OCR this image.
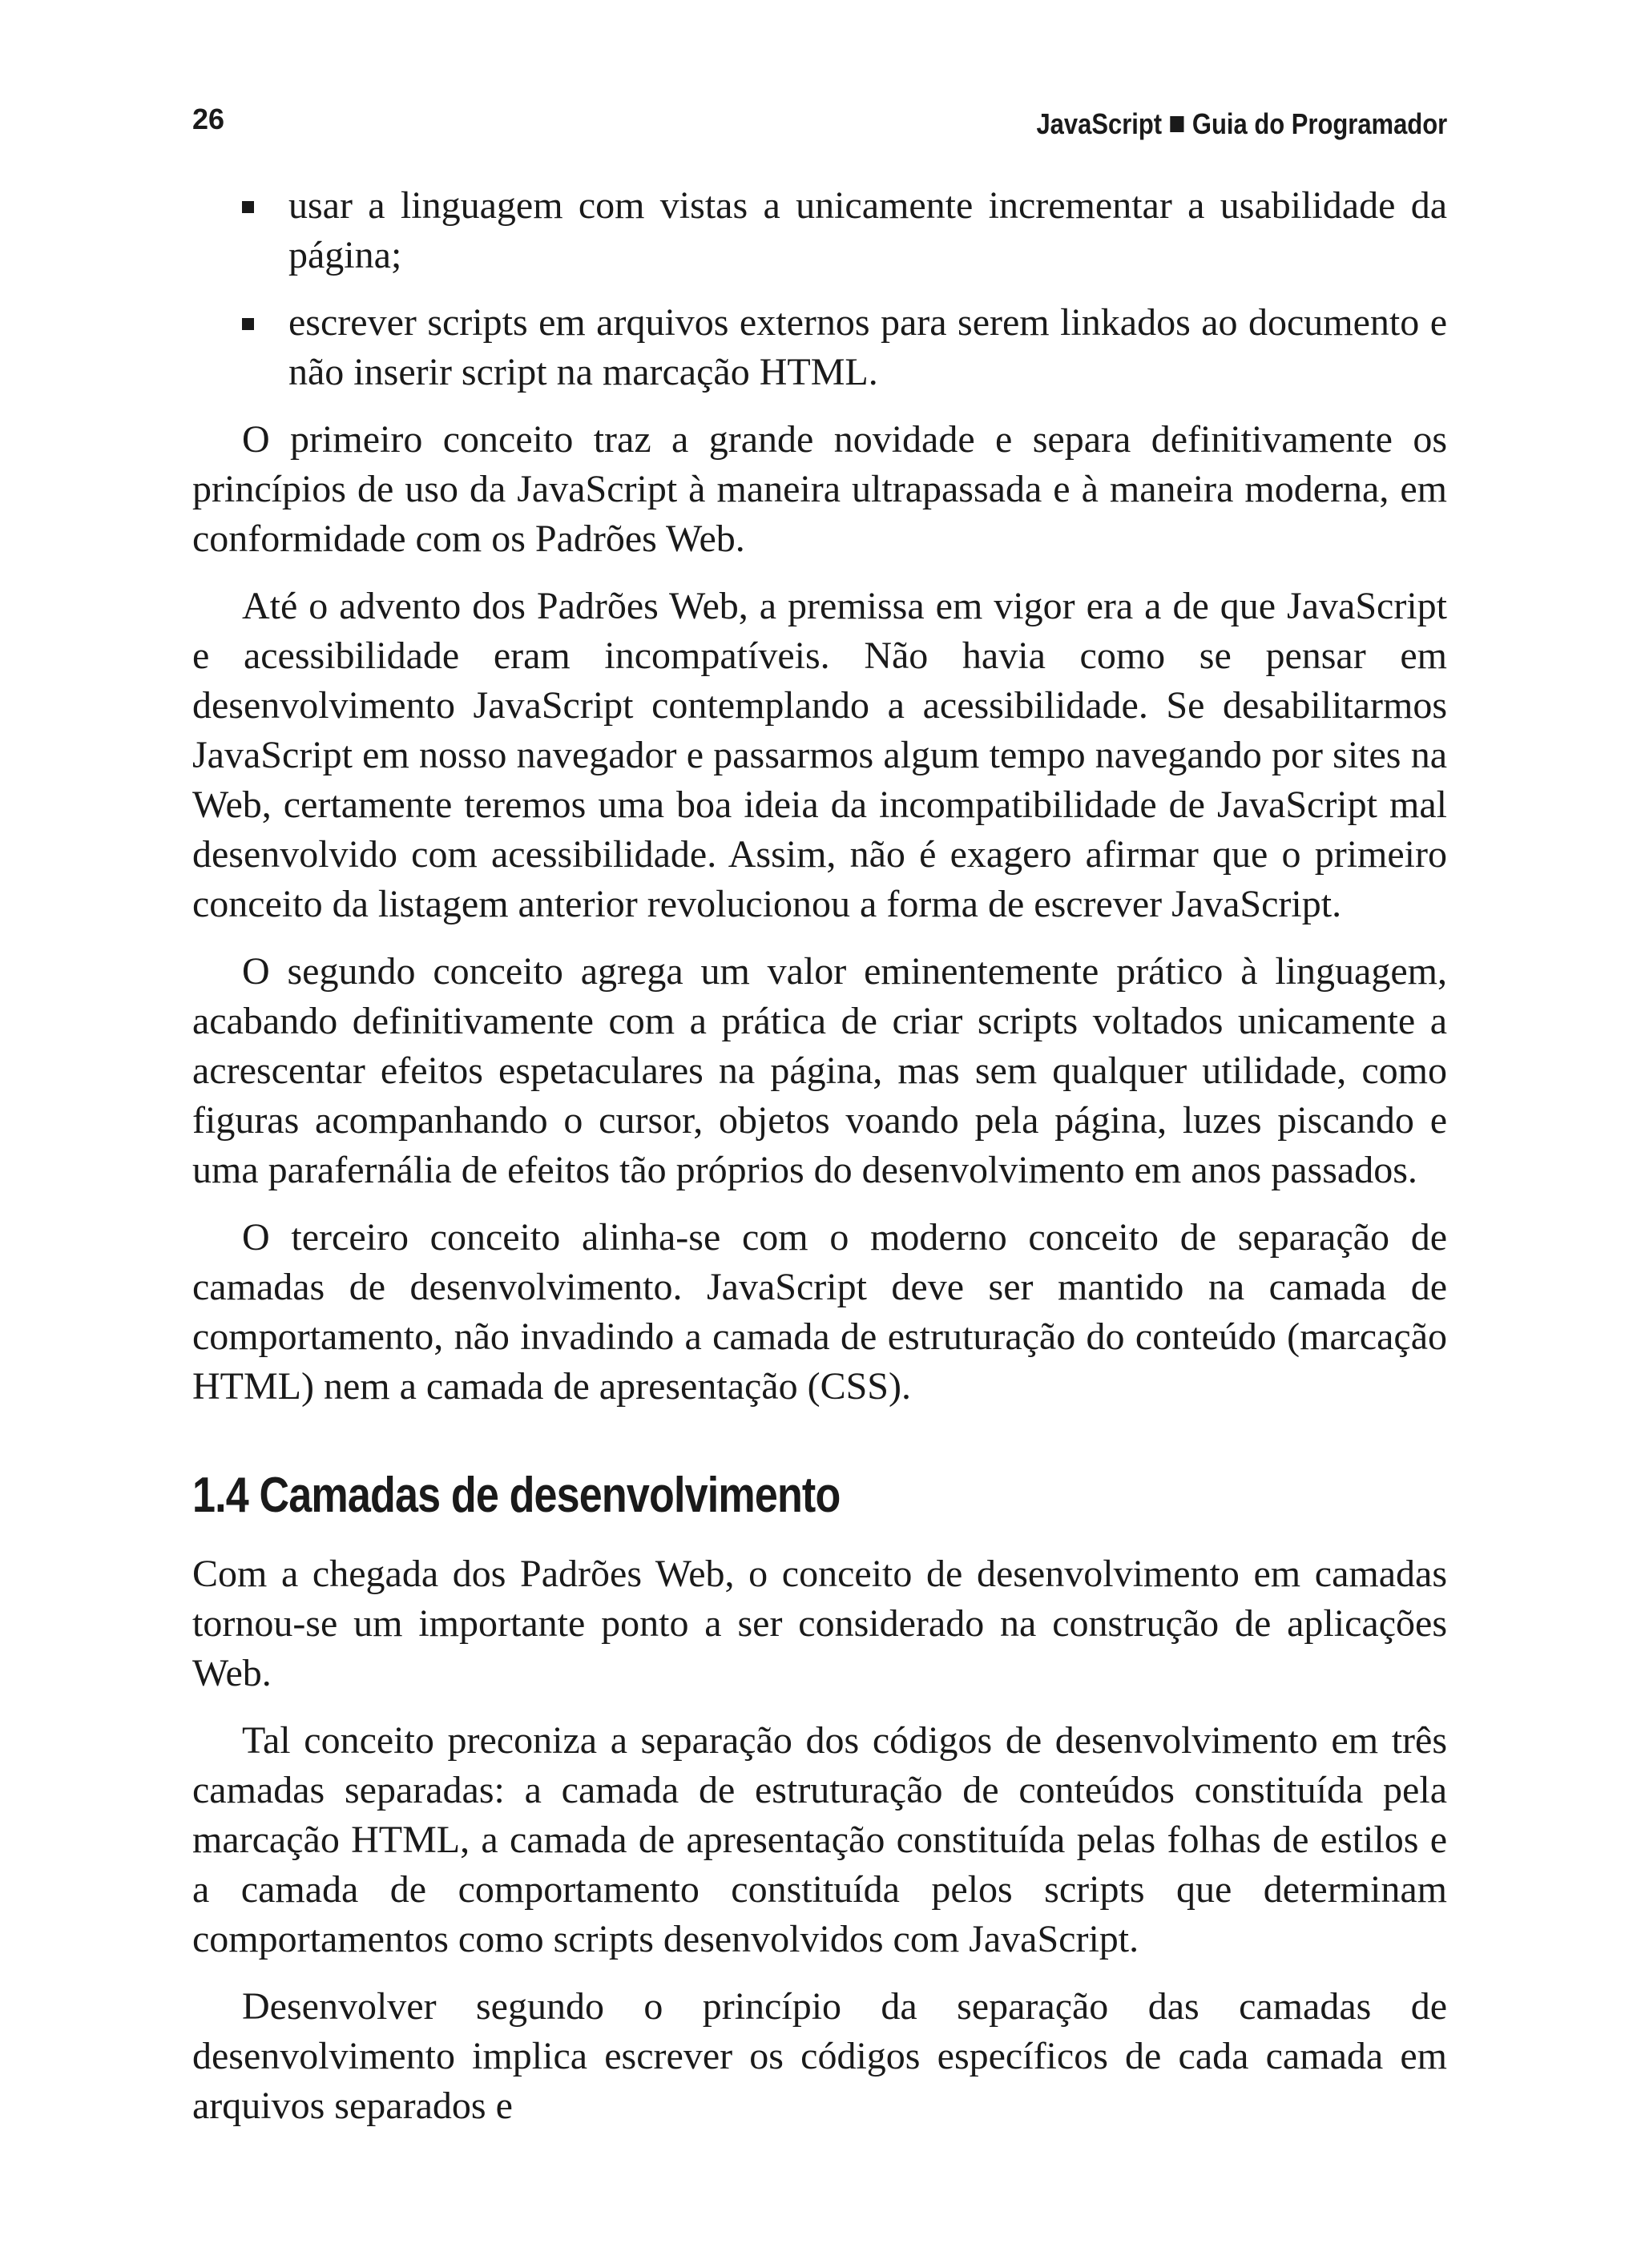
26	JavaScript Guia do Programador
usar a linguagem com vistas a unicamente incrementar a usabilidade da página;
escrever scripts em arquivos externos para serem linkados ao documento e não inserir script na marcação HTML.

O primeiro conceito traz a grande novidade e separa definitivamente os princípios de uso da JavaScript à maneira ultrapassada e à maneira moderna, em conformidade com os Padrões Web.

Até o advento dos Padrões Web, a premissa em vigor era a de que JavaScript e acessibilidade eram incompatíveis. Não havia como se pensar em desenvolvimento JavaScript contemplando a acessibilidade. Se desabilitarmos JavaScript em nosso navegador e passarmos algum tempo navegando por sites na Web, certamente teremos uma boa ideia da incompatibilidade de JavaScript mal desenvolvido com acessibilidade. Assim, não é exagero afirmar que o primeiro conceito da listagem anterior revolucionou a forma de escrever JavaScript.

O segundo conceito agrega um valor eminentemente prático à linguagem, acabando definitivamente com a prática de criar scripts voltados unicamente a acrescentar efeitos espetaculares na página, mas sem qualquer utilidade, como figuras acompanhando o cursor, objetos voando pela página, luzes piscando e uma parafernália de efeitos tão próprios do desenvolvimento em anos passados.

O terceiro conceito alinha-se com o moderno conceito de separação de camadas de desenvolvimento. JavaScript deve ser mantido na camada de comportamento, não invadindo a camada de estruturação do conteúdo (marcação HTML) nem a camada de apresentação (CSS).

1.4 Camadas de desenvolvimento

Com a chegada dos Padrões Web, o conceito de desenvolvimento em camadas tornou-se um importante ponto a ser considerado na construção de aplicações Web.

Tal conceito preconiza a separação dos códigos de desenvolvimento em três camadas separadas: a camada de estruturação de conteúdos constituída pela marcação HTML, a camada de apresentação constituída pelas folhas de estilos e a camada de comportamento constituída pelos scripts que determinam comportamentos como scripts desenvolvidos com JavaScript.

Desenvolver segundo o princípio da separação das camadas de desenvolvimento implica escrever os códigos específicos de cada camada em arquivos separados e
